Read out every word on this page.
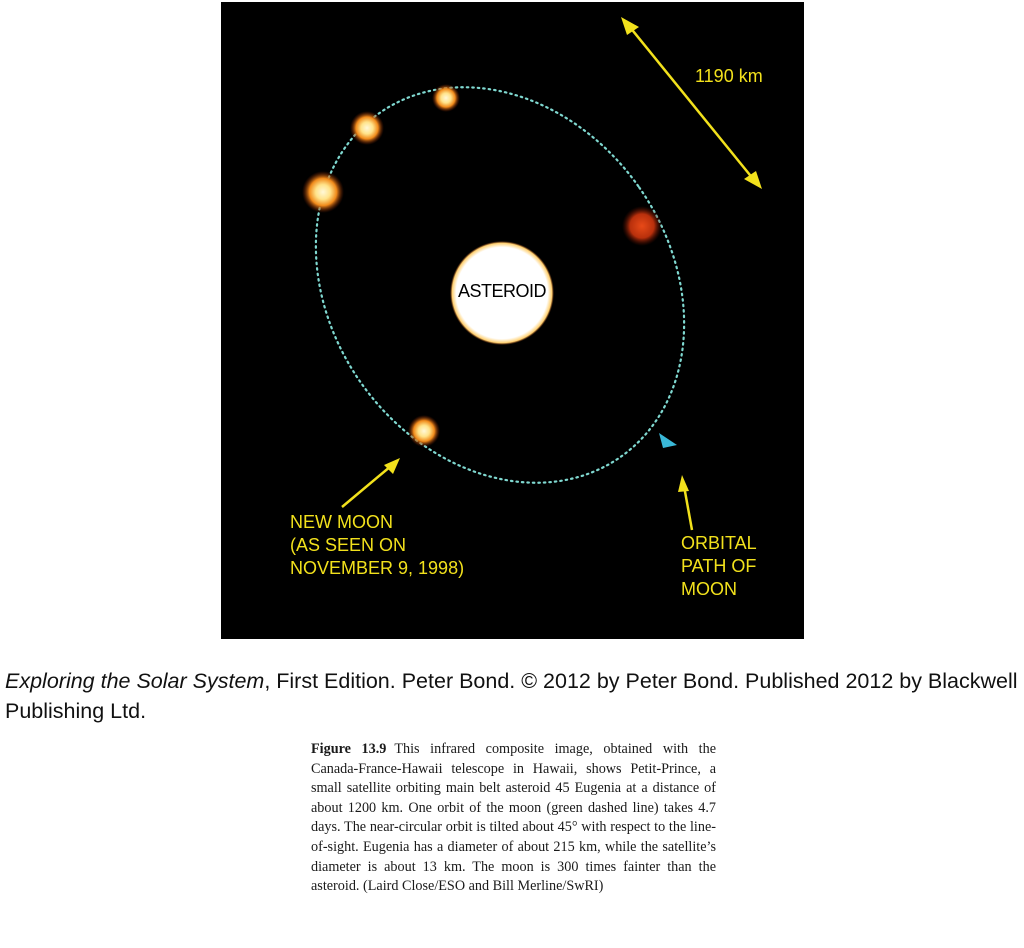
1190 km

ASTEROID
NEW MOON
(AS SEEN ON
NOVEMBER 9, 1998)
ORBITAL
PATH OF
MOON

Exploring the Solar System, First Edition. Peter Bond. © 2012 by Peter Bond. Published 2012 by Blackwell Publishing Ltd.

Figure 13.9 This infrared composite image, obtained with the Canada-France-Hawaii telescope in Hawaii, shows Petit-Prince, a small satellite orbiting main belt asteroid 45 Eugenia at a distance of about 1200 km. One orbit of the moon (green dashed line) takes 4.7 days. The near-circular orbit is tilted about 45° with respect to the line-of-sight. Eugenia has a diameter of about 215 km, while the satellite’s diameter is about 13 km. The moon is 300 times fainter than the asteroid. (Laird Close/ESO and Bill Merline/SwRI)
